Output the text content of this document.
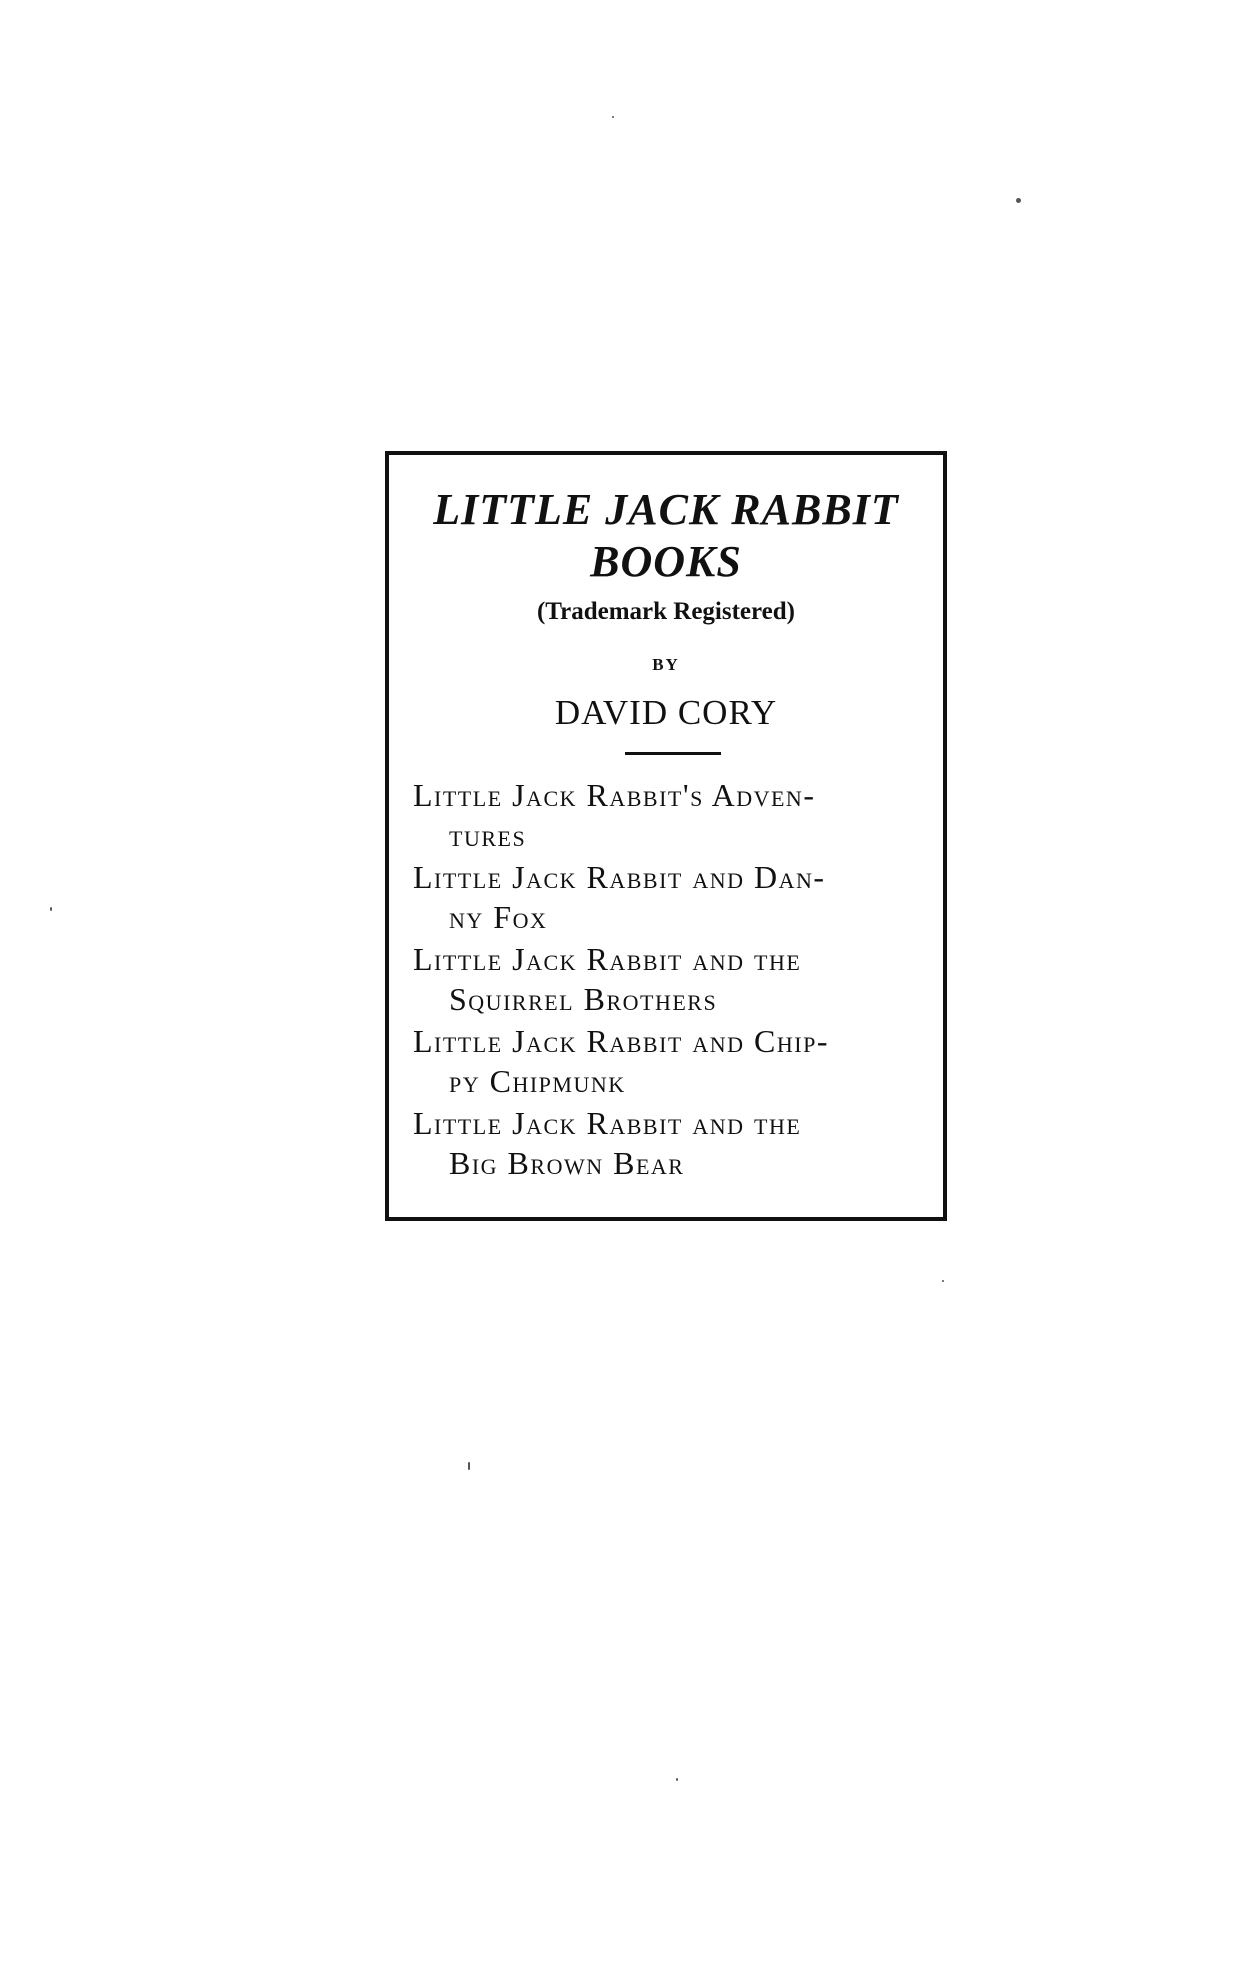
LITTLE JACK RABBIT
BOOKS
(Trademark Registered)
BY
DAVID CORY
Little Jack Rabbit's Adven-
tures
Little Jack Rabbit and Dan-
ny Fox
Little Jack Rabbit and the
Squirrel Brothers
Little Jack Rabbit and Chip-
py Chipmunk
Little Jack Rabbit and the
Big Brown Bear
